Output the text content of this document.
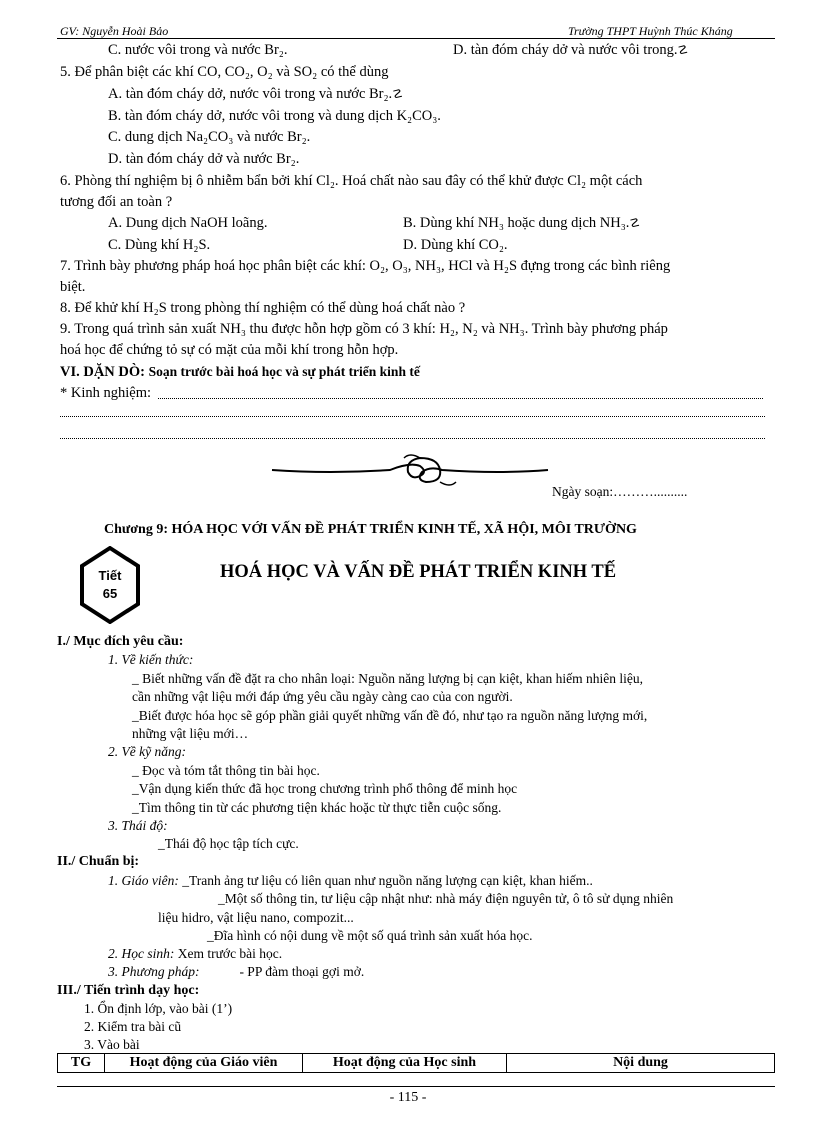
GV: Nguyễn Hoài Bảo	Trường THPT Huỳnh Thúc Kháng
C. nước vôi trong và nước Br₂.	D. tàn đóm cháy dở và nước vôi trong.☡
5. Để phân biệt các khí CO, CO₂, O₂ và SO₂ có thể dùng
A. tàn đóm cháy dở, nước vôi trong và nước Br₂.☡
B. tàn đóm cháy dở, nước vôi trong và dung dịch K₂CO₃.
C. dung dịch Na₂CO₃ và nước Br₂.
D. tàn đóm cháy dở và nước Br₂.
6. Phòng thí nghiệm bị ô nhiễm bẩn bởi khí Cl₂. Hoá chất nào sau đây có thể khử được Cl₂ một cách
tương đối an toàn ?
A. Dung dịch NaOH loãng.	B. Dùng khí NH₃ hoặc dung dịch NH₃.☡
C. Dùng khí H₂S.	D. Dùng khí CO₂.
7. Trình bày phương pháp hoá học phân biệt các khí: O₂, O₃, NH₃, HCl và H₂S đựng trong các bình riêng
biệt.
8. Để khử khí H₂S trong phòng thí nghiệm có thể dùng hoá chất nào ?
9. Trong quá trình sản xuất NH₃ thu được hỗn hợp gồm có 3 khí: H₂, N₂ và NH₃. Trình bày phương pháp
hoá học để chứng tỏ sự có mặt của mỗi khí trong hỗn hợp.
VI. DẶN DÒ: Soạn trước bài hoá học và sự phát triển kinh tế
* Kinh nghiệm:
Ngày soạn:………..........
Chương 9: HÓA HỌC VỚI VẤN ĐỀ PHÁT TRIỂN KINH TẾ, XÃ HỘI, MÔI TRƯỜNG
Tiết
65
HOÁ HỌC VÀ VẤN ĐỀ PHÁT TRIỂN KINH TẾ
I./ Mục đích yêu cầu:
1. Về kiến thức:
_ Biết những vấn đề đặt ra cho nhân loại: Nguồn năng lượng bị cạn kiệt, khan hiếm nhiên liệu,
cần những vật liệu mới đáp ứng yêu cầu ngày càng cao của con người.
_Biết được hóa học sẽ góp phần giải quyết những vấn đề đó, như tạo ra nguồn năng lượng mới,
những vật liệu mới…
2. Về kỹ năng:
_ Đọc và tóm tắt thông tin bài học.
_Vận dụng kiến thức đã học trong chương trình phổ thông để minh học
_Tìm thông tin từ các phương tiện khác hoặc từ thực tiễn cuộc sống.
3. Thái độ:
_Thái độ học tập tích cực.
II./ Chuẩn bị:
1. Giáo viên: _Tranh ảng tư liệu có liên quan như nguồn năng lượng cạn kiệt, khan hiếm..
_Một số thông tin, tư liệu cập nhật như: nhà máy điện nguyên tử, ô tô sử dụng nhiên
liệu hidro, vật liệu nano, compozit...
_Đĩa hình có nội dung về một số quá trình sản xuất hóa học.
2. Học sinh: Xem trước bài học.
3. Phương pháp:	- PP đàm thoại gợi mở.
III./ Tiến trình dạy học:
1. Ổn định lớp, vào bài (1’)
2. Kiểm tra bài cũ
3. Vào bài
TG	Hoạt động của Giáo viên	Hoạt động của Học sinh	Nội dung
- 115 -
